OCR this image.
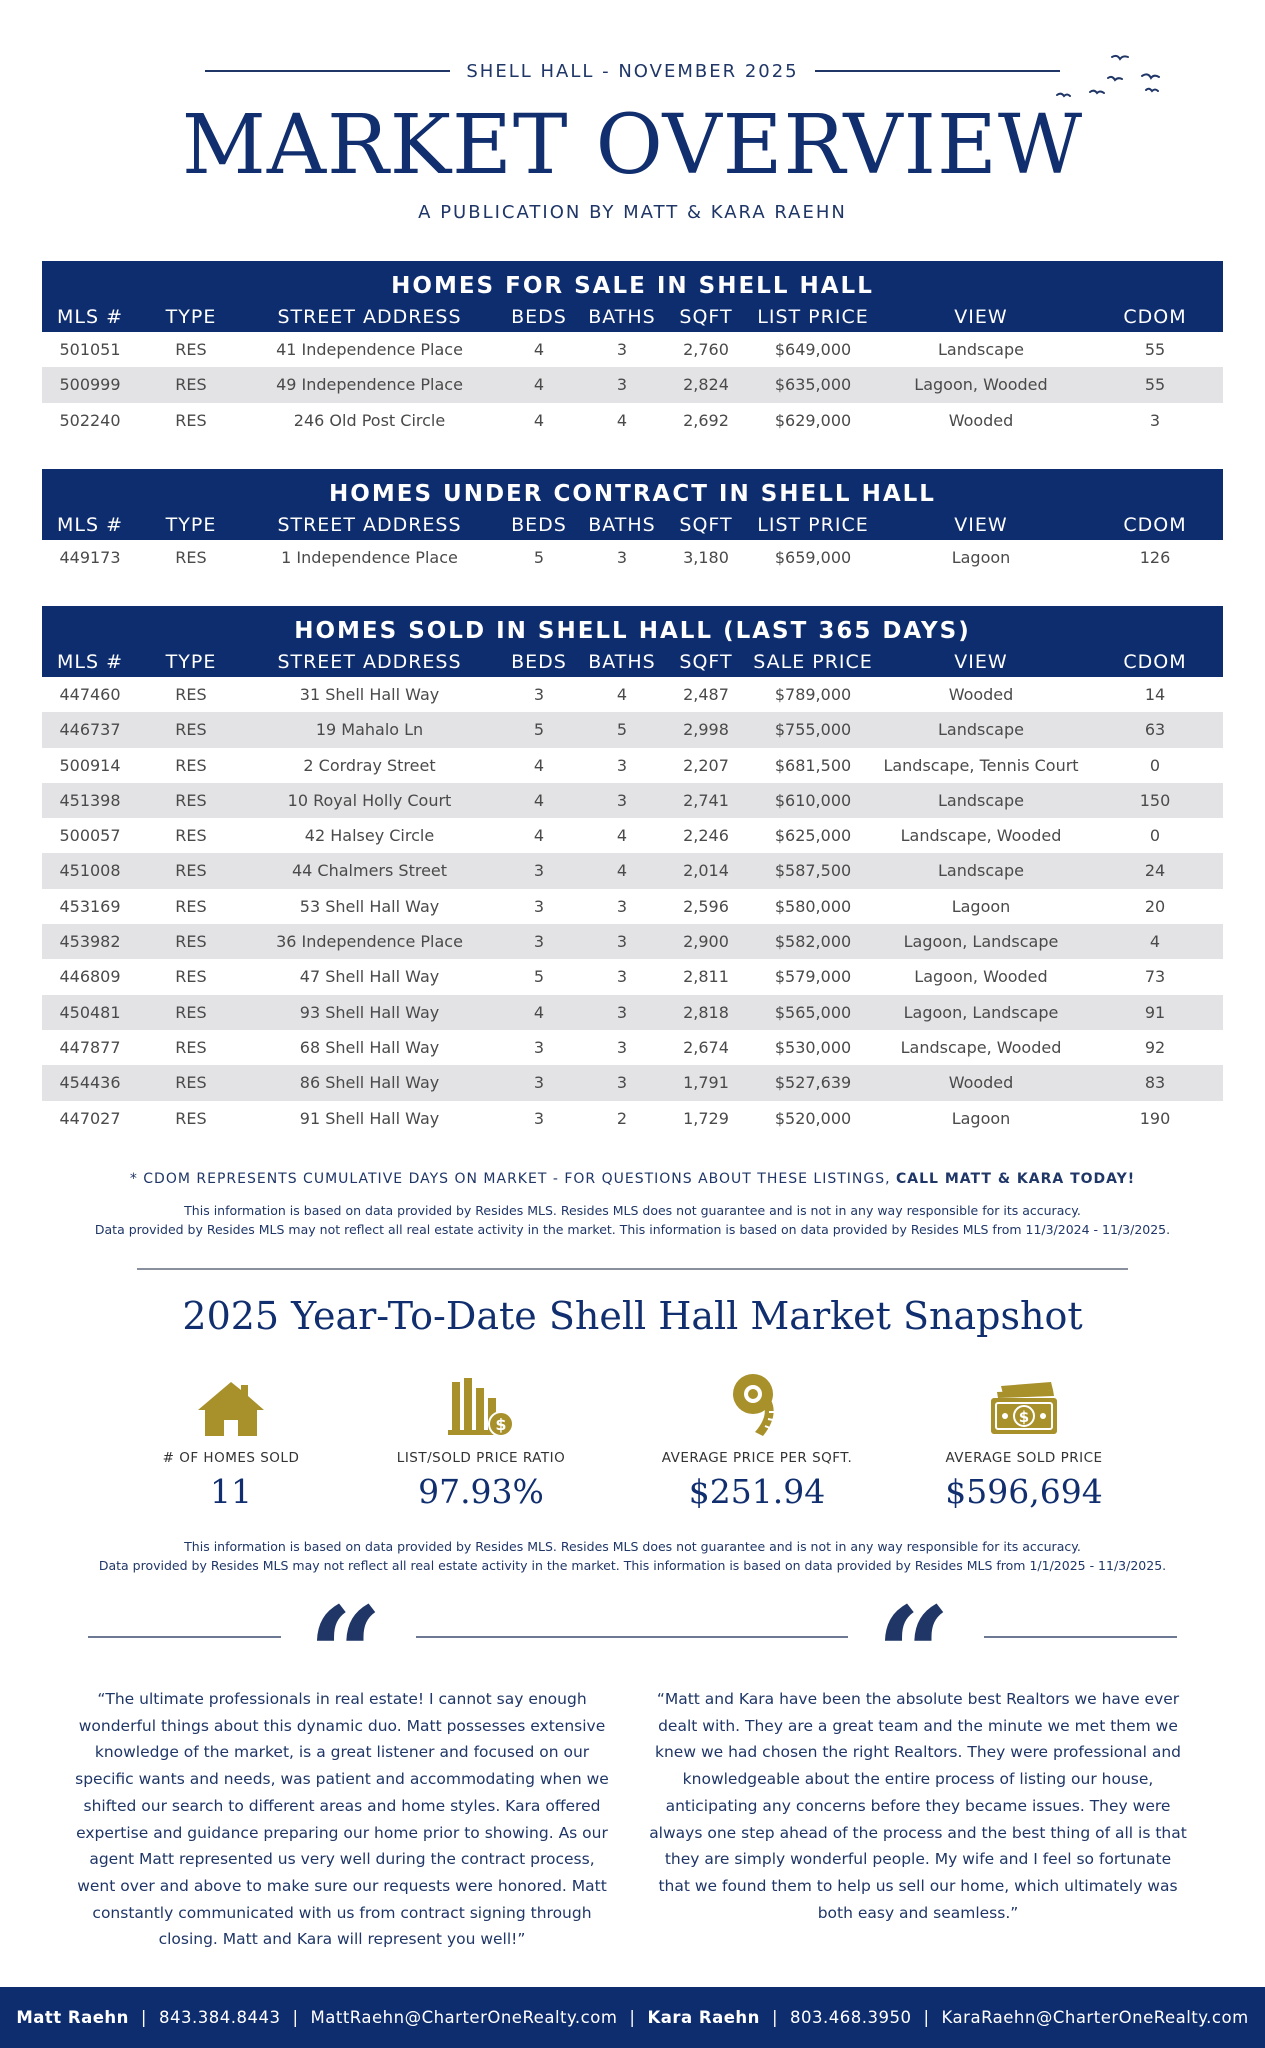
SHELL HALL - NOVEMBER 2025
MARKET OVERVIEW
A PUBLICATION BY MATT & KARA RAEHN
HOMES FOR SALE IN SHELL HALL
MLS #	TYPE	STREET ADDRESS	BEDS	BATHS	SQFT	LIST PRICE	VIEW	CDOM
501051	RES	41 Independence Place	4	3	2,760	$649,000	Landscape	55
500999	RES	49 Independence Place	4	3	2,824	$635,000	Lagoon, Wooded	55
502240	RES	246 Old Post Circle	4	4	2,692	$629,000	Wooded	3
HOMES UNDER CONTRACT IN SHELL HALL
MLS #	TYPE	STREET ADDRESS	BEDS	BATHS	SQFT	LIST PRICE	VIEW	CDOM
449173	RES	1 Independence Place	5	3	3,180	$659,000	Lagoon	126
HOMES SOLD IN SHELL HALL (LAST 365 DAYS)
MLS #	TYPE	STREET ADDRESS	BEDS	BATHS	SQFT	SALE PRICE	VIEW	CDOM
447460	RES	31 Shell Hall Way	3	4	2,487	$789,000	Wooded	14
446737	RES	19 Mahalo Ln	5	5	2,998	$755,000	Landscape	63
500914	RES	2 Cordray Street	4	3	2,207	$681,500	Landscape, Tennis Court	0
451398	RES	10 Royal Holly Court	4	3	2,741	$610,000	Landscape	150
500057	RES	42 Halsey Circle	4	4	2,246	$625,000	Landscape, Wooded	0
451008	RES	44 Chalmers Street	3	4	2,014	$587,500	Landscape	24
453169	RES	53 Shell Hall Way	3	3	2,596	$580,000	Lagoon	20
453982	RES	36 Independence Place	3	3	2,900	$582,000	Lagoon, Landscape	4
446809	RES	47 Shell Hall Way	5	3	2,811	$579,000	Lagoon, Wooded	73
450481	RES	93 Shell Hall Way	4	3	2,818	$565,000	Lagoon, Landscape	91
447877	RES	68 Shell Hall Way	3	3	2,674	$530,000	Landscape, Wooded	92
454436	RES	86 Shell Hall Way	3	3	1,791	$527,639	Wooded	83
447027	RES	91 Shell Hall Way	3	2	1,729	$520,000	Lagoon	190
* CDOM REPRESENTS CUMULATIVE DAYS ON MARKET - FOR QUESTIONS ABOUT THESE LISTINGS, CALL MATT & KARA TODAY!
This information is based on data provided by Resides MLS. Resides MLS does not guarantee and is not in any way responsible for its accuracy.
Data provided by Resides MLS may not reflect all real estate activity in the market. This information is based on data provided by Resides MLS from 11/3/2024 - 11/3/2025.
2025 Year-To-Date Shell Hall Market Snapshot
# OF HOMES SOLD
11
$
LIST/SOLD PRICE RATIO
97.93%
AVERAGE PRICE PER SQFT.
$251.94
$
AVERAGE SOLD PRICE
$596,694
This information is based on data provided by Resides MLS. Resides MLS does not guarantee and is not in any way responsible for its accuracy.
Data provided by Resides MLS may not reflect all real estate activity in the market. This information is based on data provided by Resides MLS from 1/1/2025 - 11/3/2025.
“	“
“The ultimate professionals in real estate! I cannot say enough wonderful things about this dynamic duo. Matt possesses extensive knowledge of the market, is a great listener and focused on our specific wants and needs, was patient and accommodating when we shifted our search to different areas and home styles. Kara offered expertise and guidance preparing our home prior to showing. As our agent Matt represented us very well during the contract process, went over and above to make sure our requests were honored. Matt constantly communicated with us from contract signing through closing. Matt and Kara will represent you well!”
“Matt and Kara have been the absolute best Realtors we have ever dealt with. They are a great team and the minute we met them we knew we had chosen the right Realtors. They were professional and knowledgeable about the entire process of listing our house, anticipating any concerns before they became issues. They were always one step ahead of the process and the best thing of all is that they are simply wonderful people. My wife and I feel so fortunate that we found them to help us sell our home, which ultimately was both easy and seamless.”
Matt Raehn | 843.384.8443 | MattRaehn@CharterOneRealty.com | Kara Raehn | 803.468.3950 | KaraRaehn@CharterOneRealty.com
